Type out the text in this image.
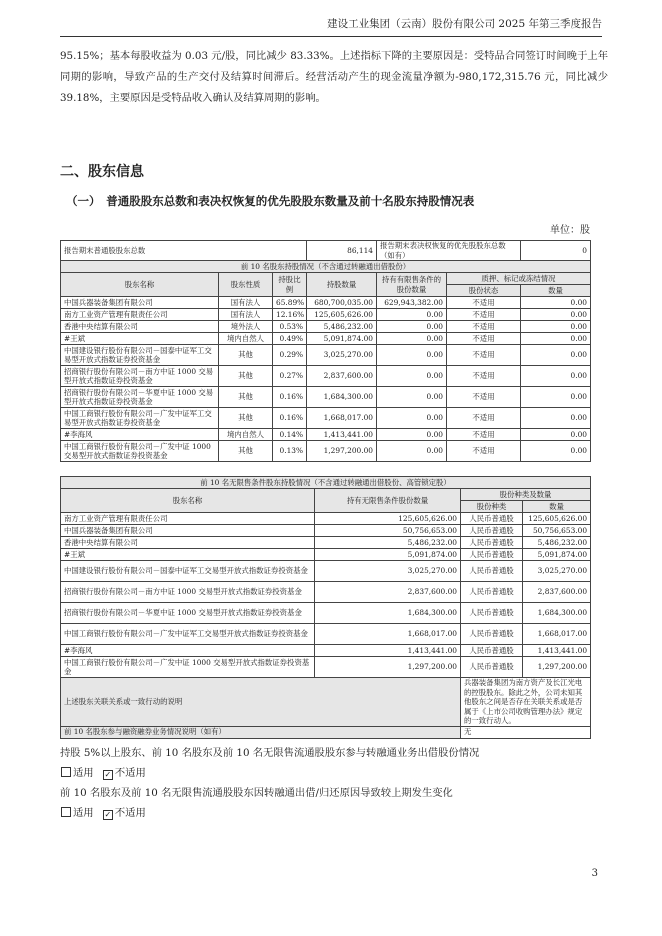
建设工业集团（云南）股份有限公司 2025 年第三季度报告

95.15%；基本每股收益为 0.03 元/股，同比减少 83.33%。上述指标下降的主要原因是：受特品合同签订时间晚于上年同期的影响，导致产品的生产交付及结算时间滞后。经营活动产生的现金流量净额为-980,172,315.76 元，同比减少 39.18%，主要原因是受特品收入确认及结算周期的影响。

二、股东信息
（一）　普通股股东总数和表决权恢复的优先股股东数量及前十名股东持股情况表
单位：股
报告期末普通股股东总数			86,114	报告期末表决权恢复的优先股股东总数（如有）		0
前 10 名股东持股情况（不含通过转融通出借股份）						
股东名称	股东性质	持股比例	持股数量	持有有限售条件的股份数量	质押、标记或冻结情况	
					股份状态	数量
中国兵器装备集团有限公司	国有法人	65.89%	680,700,035.00	629,943,382.00	不适用	0.00
南方工业资产管理有限责任公司	国有法人	12.16%	125,605,626.00	0.00	不适用	0.00
香港中央结算有限公司	境外法人	0.53%	5,486,232.00	0.00	不适用	0.00
#王斌	境内自然人	0.49%	5,091,874.00	0.00	不适用	0.00
中国建设银行股份有限公司－国泰中证军工交易型开放式指数证券投资基金	其他	0.29%	3,025,270.00	0.00	不适用	0.00
招商银行股份有限公司－南方中证 1000 交易型开放式指数证券投资基金	其他	0.27%	2,837,600.00	0.00	不适用	0.00
招商银行股份有限公司－华夏中证 1000 交易型开放式指数证券投资基金	其他	0.16%	1,684,300.00	0.00	不适用	0.00
中国工商银行股份有限公司－广发中证军工交易型开放式指数证券投资基金	其他	0.16%	1,668,017.00	0.00	不适用	0.00
#李海风	境内自然人	0.14%	1,413,441.00	0.00	不适用	0.00
中国工商银行股份有限公司－广发中证 1000 交易型开放式指数证券投资基金	其他	0.13%	1,297,200.00	0.00	不适用	0.00
前 10 名无限售条件股东持股情况（不含通过转融通出借股份、高管锁定股）			
股东名称	持有无限售条件股份数量	股份种类及数量	
		股份种类	数量
南方工业资产管理有限责任公司	125,605,626.00	人民币普通股	125,605,626.00
中国兵器装备集团有限公司	50,756,653.00	人民币普通股	50,756,653.00
香港中央结算有限公司	5,486,232.00	人民币普通股	5,486,232.00
#王斌	5,091,874.00	人民币普通股	5,091,874.00
中国建设银行股份有限公司－国泰中证军工交易型开放式指数证券投资基金	3,025,270.00	人民币普通股	3,025,270.00
招商银行股份有限公司－南方中证 1000 交易型开放式指数证券投资基金	2,837,600.00	人民币普通股	2,837,600.00
招商银行股份有限公司－华夏中证 1000 交易型开放式指数证券投资基金	1,684,300.00	人民币普通股	1,684,300.00
中国工商银行股份有限公司－广发中证军工交易型开放式指数证券投资基金	1,668,017.00	人民币普通股	1,668,017.00
#李海风	1,413,441.00	人民币普通股	1,413,441.00
中国工商银行股份有限公司－广发中证 1000 交易型开放式指数证券投资基金	1,297,200.00	人民币普通股	1,297,200.00
上述股东关联关系或一致行动的说明		兵器装备集团为南方资产及长江光电的控股股东。除此之外，公司未知其他股东之间是否存在关联关系或是否属于《上市公司收购管理办法》规定的一致行动人。	
前 10 名股东参与融资融券业务情况说明（如有）		无	
持股 5%以上股东、前 10 名股东及前 10 名无限售流通股股东参与转融通业务出借股份情况
适用 ✓ 不适用
前 10 名股东及前 10 名无限售流通股股东因转融通出借/归还原因导致较上期发生变化
适用 ✓ 不适用
3
